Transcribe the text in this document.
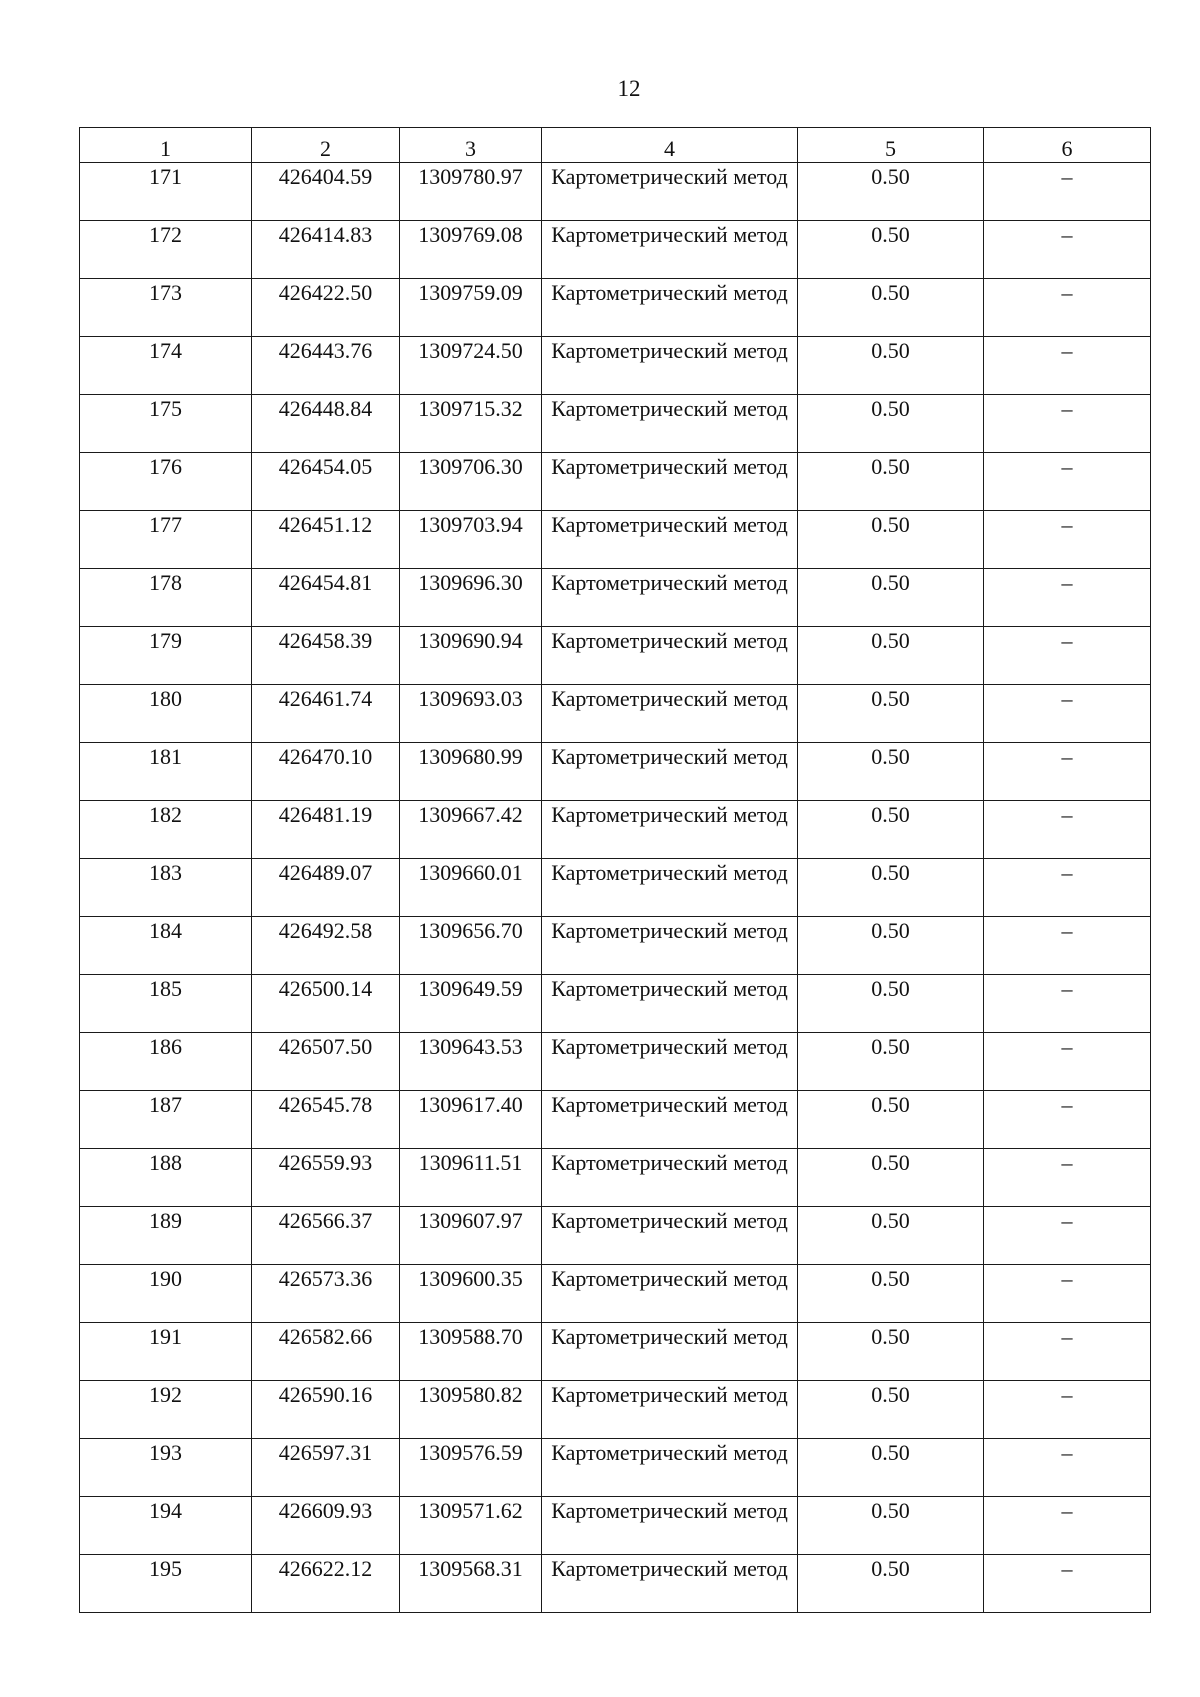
12
1	2	3	4	5	6
171	426404.59	1309780.97	Картометрический метод	0.50	–
172	426414.83	1309769.08	Картометрический метод	0.50	–
173	426422.50	1309759.09	Картометрический метод	0.50	–
174	426443.76	1309724.50	Картометрический метод	0.50	–
175	426448.84	1309715.32	Картометрический метод	0.50	–
176	426454.05	1309706.30	Картометрический метод	0.50	–
177	426451.12	1309703.94	Картометрический метод	0.50	–
178	426454.81	1309696.30	Картометрический метод	0.50	–
179	426458.39	1309690.94	Картометрический метод	0.50	–
180	426461.74	1309693.03	Картометрический метод	0.50	–
181	426470.10	1309680.99	Картометрический метод	0.50	–
182	426481.19	1309667.42	Картометрический метод	0.50	–
183	426489.07	1309660.01	Картометрический метод	0.50	–
184	426492.58	1309656.70	Картометрический метод	0.50	–
185	426500.14	1309649.59	Картометрический метод	0.50	–
186	426507.50	1309643.53	Картометрический метод	0.50	–
187	426545.78	1309617.40	Картометрический метод	0.50	–
188	426559.93	1309611.51	Картометрический метод	0.50	–
189	426566.37	1309607.97	Картометрический метод	0.50	–
190	426573.36	1309600.35	Картометрический метод	0.50	–
191	426582.66	1309588.70	Картометрический метод	0.50	–
192	426590.16	1309580.82	Картометрический метод	0.50	–
193	426597.31	1309576.59	Картометрический метод	0.50	–
194	426609.93	1309571.62	Картометрический метод	0.50	–
195	426622.12	1309568.31	Картометрический метод	0.50	–
